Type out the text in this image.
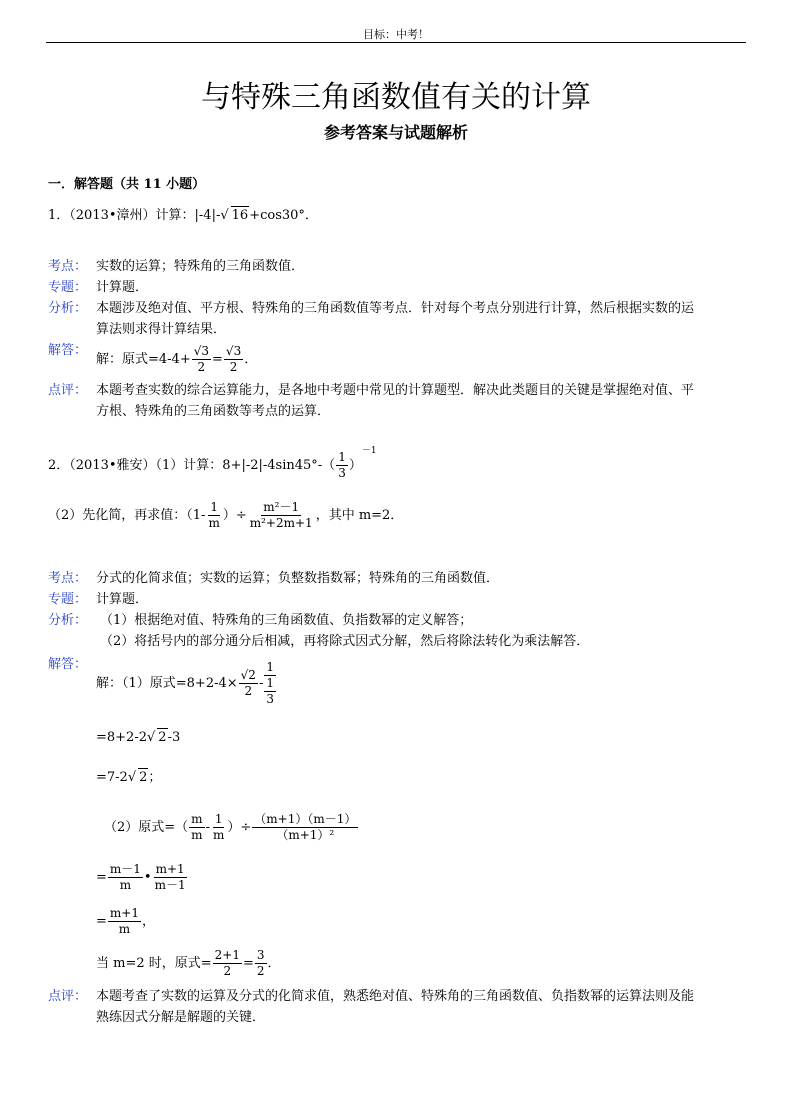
目标：中考！
与特殊三角函数值有关的计算
参考答案与试题解析
一．解答题（共 11 小题）
1．（2013•漳州）计算：|-4|-√ 16+cos30°．
考点： 实数的运算；特殊角的三角函数值．
专题： 计算题．
分析： 本题涉及绝对值、平方根、特殊角的三角函数值等考点．针对每个考点分别进行计算，然后根据实数的运
算法则求得计算结果．
解答：
解：原式$=4-4+ \frac{√3}{2} = \frac{√3}{2}$ ．
点评： 本题考查实数的综合运算能力，是各地中考题中常见的计算题型．解决此类题目的关键是掌握绝对值、平
方根、特殊角的三角函数等考点的运算．
2．（2013•雅安）（1）计算：$8+|-2|-4\sin 45^\circ-( \frac{1}{3} )^{-1}$
（2）先化简，再求值：（$1- \frac{1}{m}$ ）÷ $\frac{\text{m²－1}}{\text{m²+2m+1}}$ ，其中 m=2．
考点： 分式的化简求值；实数的运算；负整数指数幂；特殊角的三角函数值．
专题： 计算题．
分析： （1）根据绝对值、特殊角的三角函数值、负指数幂的定义解答；
（2）将括号内的部分通分后相减，再将除式因式分解，然后将除法转化为乘法解答．
解答：
解：（1）原式$=8+2-4\times \frac{√2}{2} - 1$
1
3
=8+2-2√ 2-3
=7-2√ 2；
（2）原式=（ $\frac{m}{m} - \frac{1}{m}$ ）÷ $\frac{(m+1)(m-1)}{\text{（m+1）²}}$
= $\frac{m-1}{m}$ • $\frac{m+1}{m-1}$
= $\frac{m+1}{m}$ ，
当 m=2 时，原式= $\frac{2+1}{2} = \frac{3}{2}$ ．
点评： 本题考查了实数的运算及分式的化简求值，熟悉绝对值、特殊角的三角函数值、负指数幂的运算法则及能
熟练因式分解是解题的关键．
